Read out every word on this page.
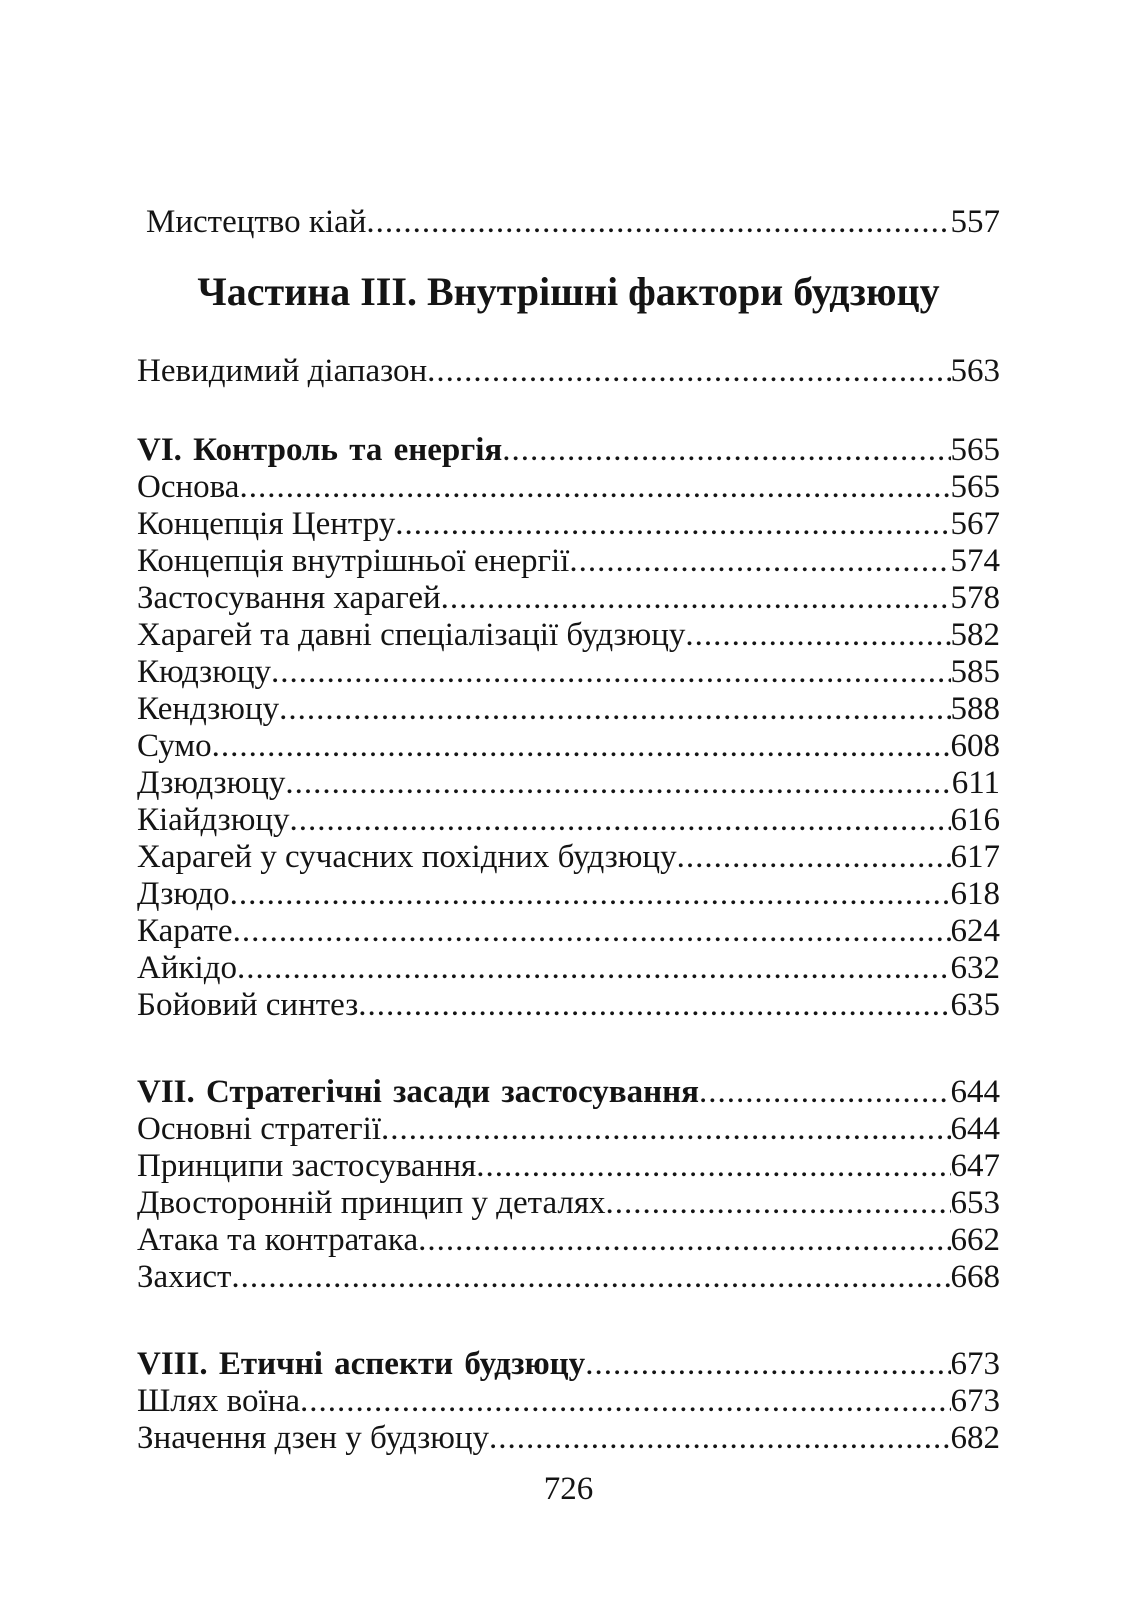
Мистецтво кіай .....	557
Частина III. Внутрішні фактори будзюцу
Невидимий діапазон .....	563
VI. Контроль та енергія .....	565
Основа .....	565
Концепція Центру .....	567
Концепція внутрішньої енергії .....	574
Застосування харагей .....	578
Харагей та давні спеціалізації будзюцу .....	582
Кюдзюцу .....	585
Кендзюцу .....	588
Сумо .....	608
Дзюдзюцу .....	611
Кіайдзюцу .....	616
Харагей у сучасних похідних будзюцу .....	617
Дзюдо .....	618
Карате .....	624
Айкідо .....	632
Бойовий синтез .....	635
VII. Стратегічні засади застосування .....	644
Основні стратегії .....	644
Принципи застосування .....	647
Двосторонній принцип у деталях .....	653
Атака та контратака .....	662
Захист .....	668
VIII. Етичні аспекти будзюцу .....	673
Шлях воїна .....	673
Значення дзен у будзюцу .....	682
726
